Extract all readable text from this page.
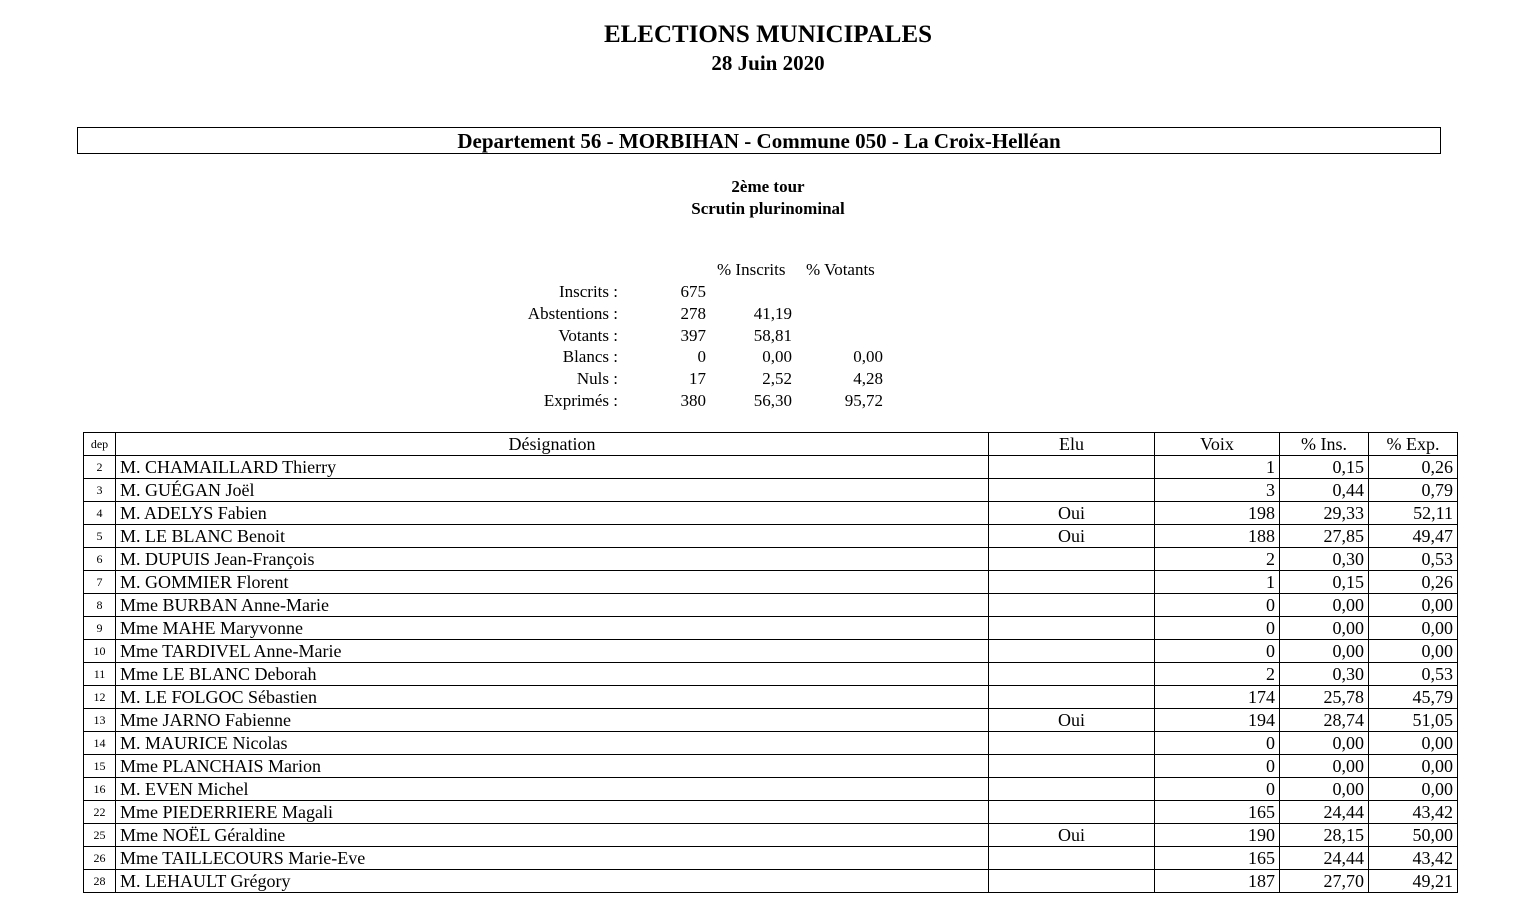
ELECTIONS MUNICIPALES
28 Juin 2020
Departement 56 - MORBIHAN - Commune 050 - La Croix-Helléan
2ème tour
Scrutin plurinominal
% Inscrits % Votants
Inscrits :	675
Abstentions :	278	41,19
Votants :	397	58,81
Blancs :	0	0,00	0,00
Nuls :	17	2,52	4,28
Exprimés :	380	56,30	95,72
dep	Désignation	Elu	Voix	% Ins.	% Exp.
2	M. CHAMAILLARD Thierry		1	0,15	0,26
3	M. GUÉGAN Joël		3	0,44	0,79
4	M. ADELYS Fabien	Oui	198	29,33	52,11
5	M. LE BLANC Benoit	Oui	188	27,85	49,47
6	M. DUPUIS Jean-François		2	0,30	0,53
7	M. GOMMIER Florent		1	0,15	0,26
8	Mme BURBAN Anne-Marie		0	0,00	0,00
9	Mme MAHE Maryvonne		0	0,00	0,00
10	Mme TARDIVEL Anne-Marie		0	0,00	0,00
11	Mme LE BLANC Deborah		2	0,30	0,53
12	M. LE FOLGOC Sébastien		174	25,78	45,79
13	Mme JARNO Fabienne	Oui	194	28,74	51,05
14	M. MAURICE Nicolas		0	0,00	0,00
15	Mme PLANCHAIS Marion		0	0,00	0,00
16	M. EVEN Michel		0	0,00	0,00
22	Mme PIEDERRIERE Magali		165	24,44	43,42
25	Mme NOËL Géraldine	Oui	190	28,15	50,00
26	Mme TAILLECOURS Marie-Eve		165	24,44	43,42
28	M. LEHAULT Grégory		187	27,70	49,21
